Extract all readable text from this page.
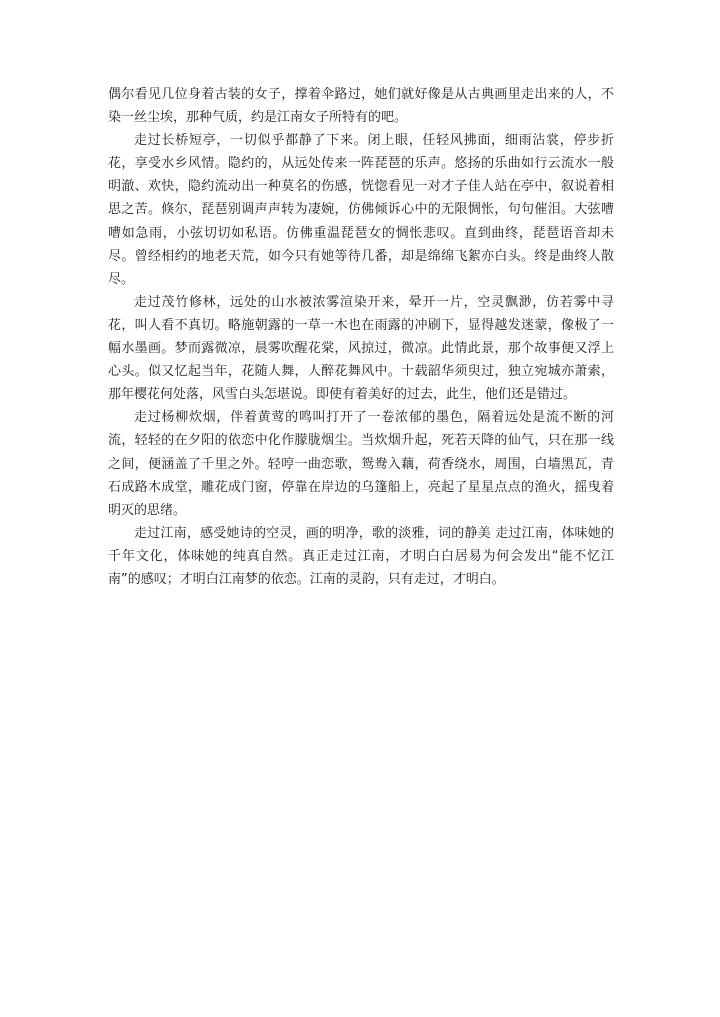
偶尔看见几位身着古装的女子，撑着伞路过，她们就好像是从古典画里走出来的人，不染一丝尘埃，那种气质，约是江南女子所特有的吧。

走过长桥短亭，一切似乎都静了下来。闭上眼，任轻风拂面，细雨沾裳，停步折花，享受水乡风情。隐约的，从远处传来一阵琵琶的乐声。悠扬的乐曲如行云流水一般明澈、欢快，隐约流动出一种莫名的伤感，恍惚看见一对才子佳人站在亭中，叙说着相思之苦。倏尔，琵琶别调声声转为凄婉，仿佛倾诉心中的无限惆怅，句句催泪。大弦嘈嘈如急雨，小弦切切如私语。仿佛重温琵琶女的惆怅悲叹。直到曲终，琵琶语音却未尽。曾经相约的地老天荒，如今只有她等待几番，却是绵绵飞絮亦白头。终是曲终人散尽。

走过茂竹修林，远处的山水被浓雾渲染开来，晕开一片，空灵飘渺，仿若雾中寻花，叫人看不真切。略施朝露的一草一木也在雨露的冲刷下，显得越发迷蒙，像极了一幅水墨画。梦而露微凉，晨雾吹醒花棠，风掠过，微凉。此情此景，那个故事便又浮上心头。似又忆起当年，花随人舞，人醉花舞风中。十载韶华须臾过，独立宛城亦萧索，那年樱花何处落，风雪白头怎堪说。即使有着美好的过去，此生，他们还是错过。

走过杨柳炊烟，伴着黄莺的鸣叫打开了一卷浓郁的墨色，隔着远处是流不断的河流，轻轻的在夕阳的依恋中化作朦胧烟尘。当炊烟升起，死若天降的仙气，只在那一线之间，便涵盖了千里之外。轻哼一曲恋歌，鸳鸯入藕，荷香绕水，周围，白墙黑瓦，青石成路木成堂，雕花成门窗，停靠在岸边的乌篷船上，亮起了星星点点的渔火，摇曳着明灭的思绪。

走过江南，感受她诗的空灵，画的明净，歌的淡雅，词的静美 走过江南，体味她的千年文化，体味她的纯真自然。真正走过江南，才明白白居易为何会发出“能不忆江南”的感叹；才明白江南梦的依恋。江南的灵韵，只有走过，才明白。
